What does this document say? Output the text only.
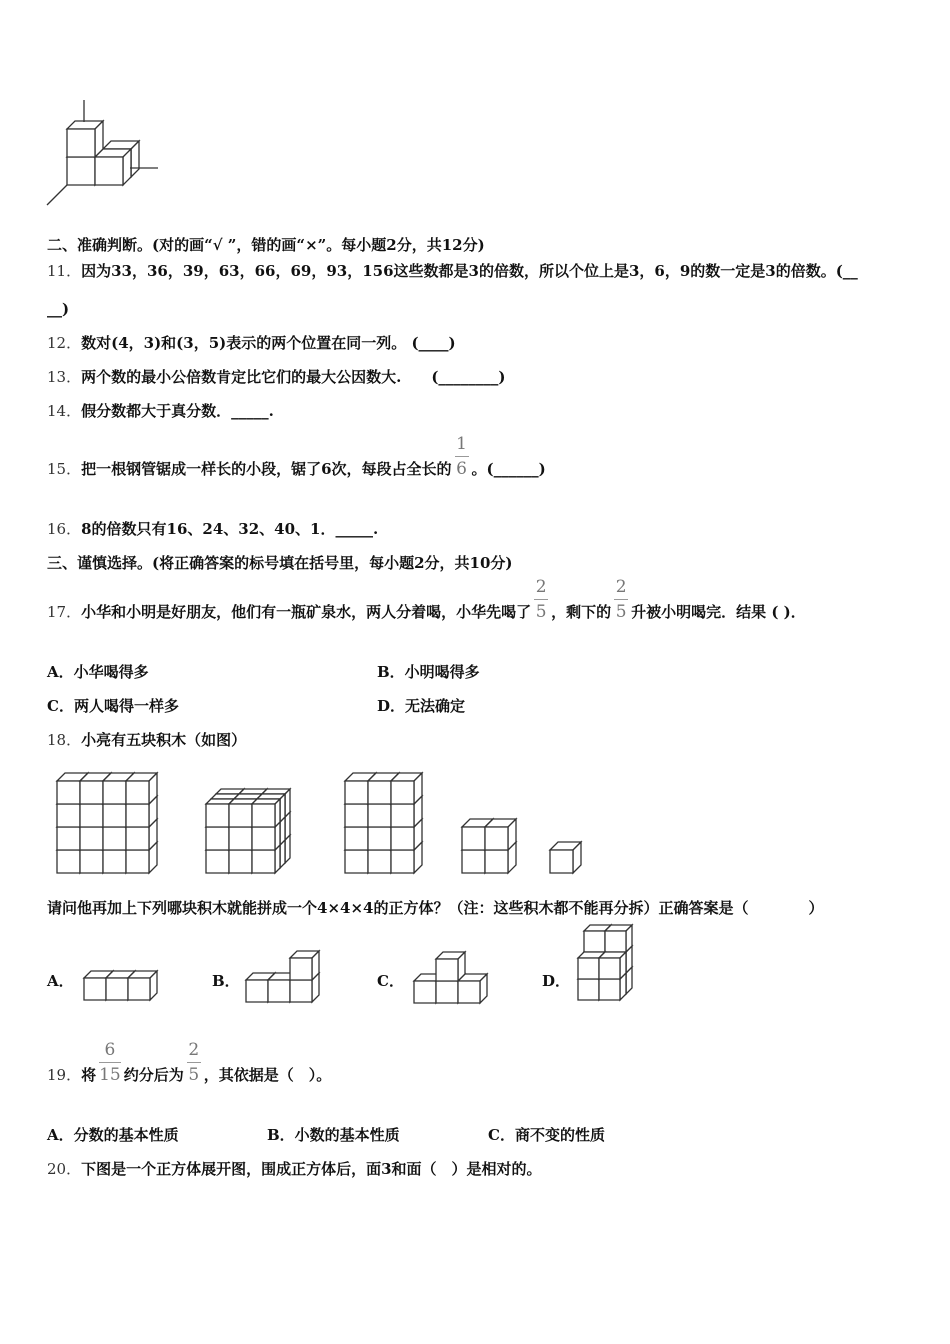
二、准确判断。(对的画“√ ”，错的画“×”。每小题2分，共12分)
11．因为33，36，39，63，66，69，93，156这些数都是3的倍数，所以个位上是3，6，9的数一定是3的倍数。(__
__)
12．数对(4，3)和(3，5)表示的两个位置在同一列。 (____)
13．两个数的最小公倍数肯定比它们的最大公因数大.　　(________)
14．假分数都大于真分数．_____.
15．把一根钢管锯成一样长的小段，锯了6次，每段占全长的 $\frac{1}{6}$ 。(______)
16．8的倍数只有16、24、32、40、1．_____.
三、谨慎选择。(将正确答案的标号填在括号里，每小题2分，共10分)
17．小华和小明是好朋友，他们有一瓶矿泉水，两人分着喝，小华先喝了 $\frac{2}{5}$ ，剩下的 $\frac{2}{5}$ 升被小明喝完．结果 ( )．
A．小华喝得多	B．小明喝得多
C．两人喝得一样多	D．无法确定
18．小亮有五块积木（如图）
请问他再加上下列哪块积木就能拼成一个4×4×4的正方体？（注：这些积木都不能再分拆）正确答案是（　　　　）
A．	B．	C．	D．
19．将 $\frac{6}{15}$ 约分后为 $\frac{2}{5}$ ，其依据是（　）。
A．分数的基本性质	B．小数的基本性质	C．商不变的性质
20．下图是一个正方体展开图，围成正方体后，面3和面（　）是相对的。
